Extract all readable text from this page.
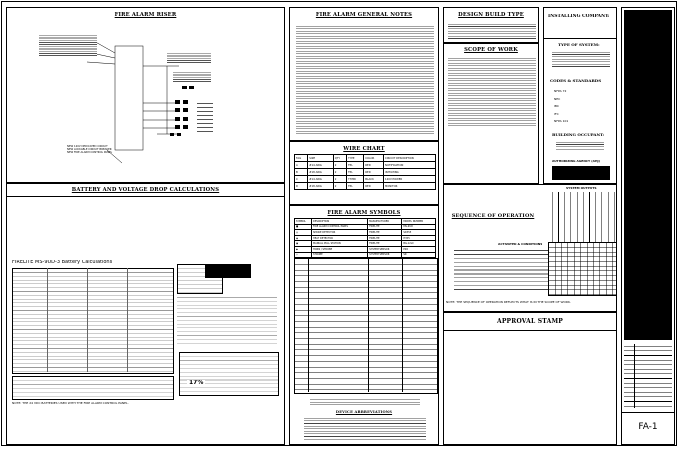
FIRE ALARM RISER
NEW 120V DEDICATED CIRCUIT
NEW LOCKABLE CIRCUIT BREAKER
NEW FIRE ALARM CONTROL PANEL
BATTERY AND VOLTAGE DROP CALCULATIONS
FIRELITE MS-9UD-3 Battery Calculations
17%
NOTE: THE 24 VDC BATTERIES USED WITH THE FIRE ALARM CONTROL PANEL.
FIRE ALARM GENERAL NOTES
WIRE CHART
TAG	SIZE	QTY	TYPE	COLOR	CIRCUIT DESCRIPTION
A	#14 AWG	2	FPL	RED	NOTIFICATION
B	#18 AWG	2	FPL	RED	INITIATING
C	#14 AWG	2	THHN	BLACK	120V POWER
D	#18 AWG	2	FPL	RED	MONITOR
FIRE ALARM SYMBOLS
SYMBOL	DESCRIPTION	MANUFACTURER	MODEL NUMBER
■	FIRE ALARM CONTROL PANEL	FIRELITE	MS-9UD
◎	SMOKE DETECTOR	FIRELITE	SD355
◉	HEAT DETECTOR	FIRELITE	H355
▣	MANUAL PULL STATION	FIRELITE	BG-12LX
◆	HORN / STROBE	SYSTEM SENSOR	P2R
◇	STROBE	SYSTEM SENSOR	SR

DEVICE ABBREVIATIONS
DESIGN BUILD TYPE
SCOPE OF WORK
INSTALLING COMPANY:
TYPE OF SYSTEM:
CODES & STANDARDS
NFPA 72
NEC
IBC
IFC
NFPA 101
BUILDING OCCUPANT:
AUTHORIZING AGENCY (AHJ)
SEQUENCE OF OPERATION
SYSTEM OUTPUTS
ACTIVATED & CONDITIONS
NOTE: THE SEQUENCE OF OPERATION REFLECTS WHAT IS IN THE SCOPE OF WORK.
APPROVAL STAMP
FA-1
